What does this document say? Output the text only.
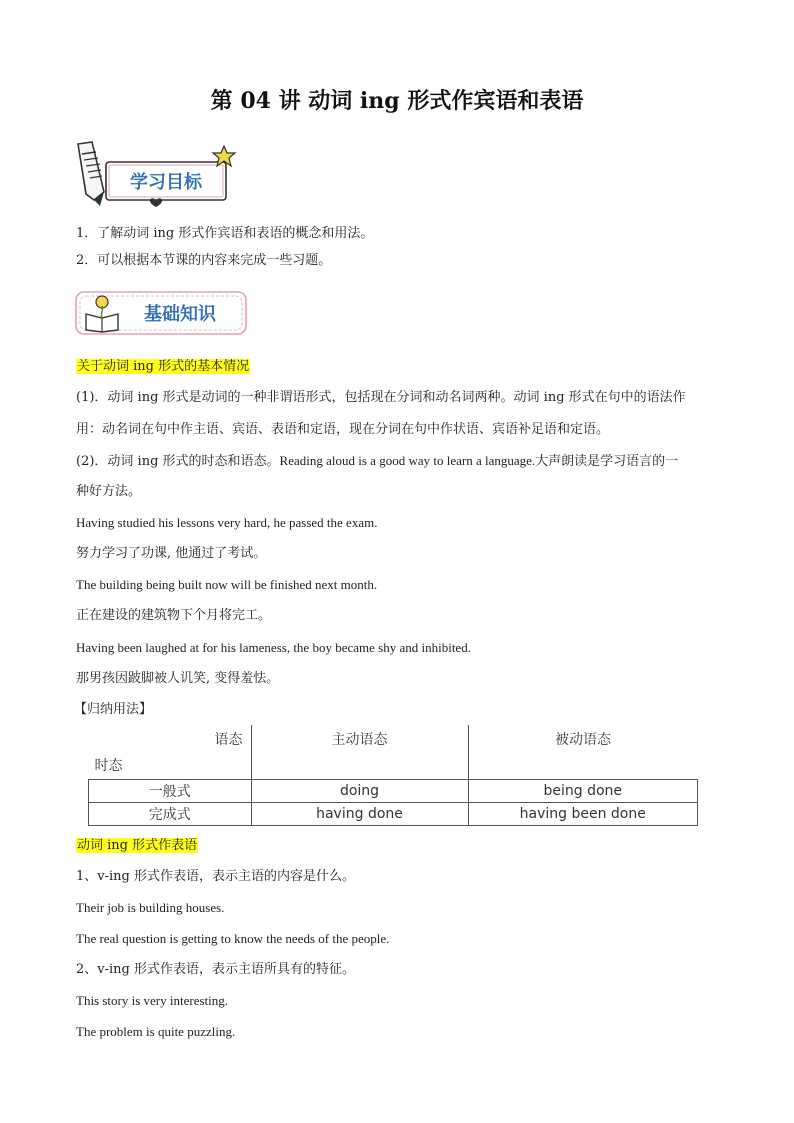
第 04 讲 动词 ing 形式作宾语和表语
学习目标
1．了解动词 ing 形式作宾语和表语的概念和用法。
2．可以根据本节课的内容来完成一些习题。
基础知识
关于动词 ing 形式的基本情况
(1)．动词 ing 形式是动词的一种非谓语形式，包括现在分词和动名词两种。动词 ing 形式在句中的语法作
用：动名词在句中作主语、宾语、表语和定语，现在分词在句中作状语、宾语补足语和定语。
(2)．动词 ing 形式的时态和语态。Reading aloud is a good way to learn a language.大声朗读是学习语言的一
种好方法。
Having studied his lessons very hard, he passed the exam.
努力学习了功课, 他通过了考试。
The building being built now will be finished next month.
正在建设的建筑物下个月将完工。
Having been laughed at for his lameness, the boy became shy and inhibited.
那男孩因跛脚被人讥笑, 变得羞怯。
【归纳用法】
语态
时态	主动语态	被动语态
一般式	doing	being done
完成式	having done	having been done
动词 ing 形式作表语
1、v-ing 形式作表语，表示主语的内容是什么。
Their job is building houses.
The real question is getting to know the needs of the people.
2、v-ing 形式作表语，表示主语所具有的特征。
This story is very interesting.
The problem is quite puzzling.
